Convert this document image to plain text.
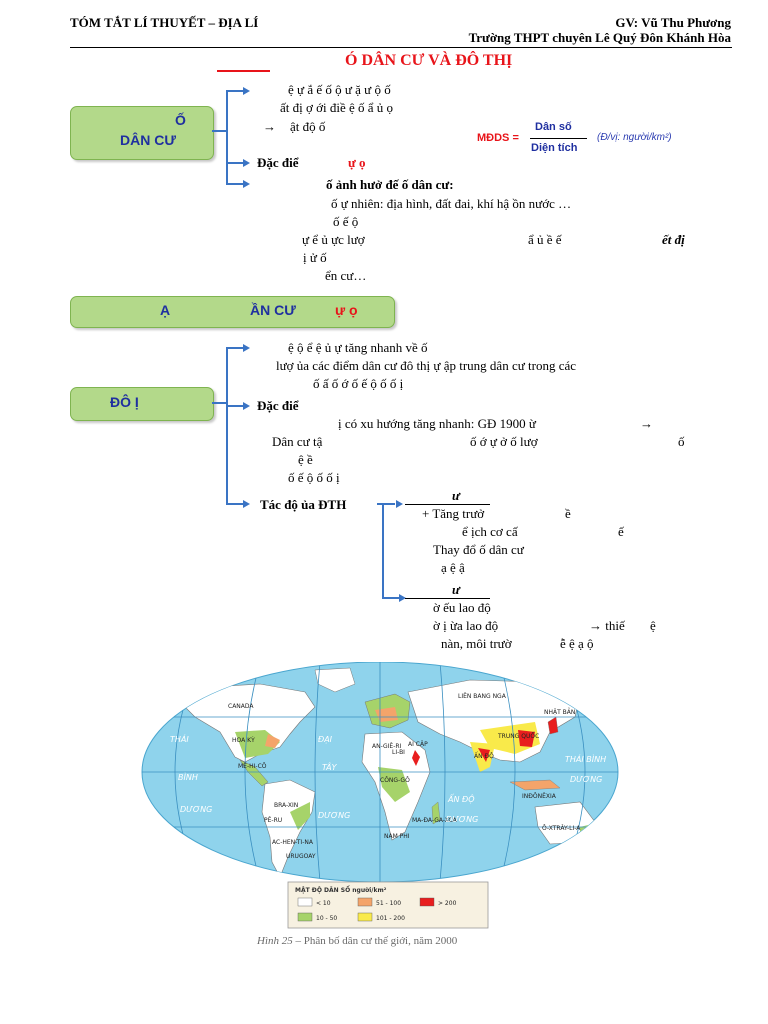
TÓM TẮT LÍ THUYẾT – ĐỊA LÍ	GV: Vũ Thu Phương
Trường THPT chuyên Lê Quý Đôn Khánh Hòa
Ó DÂN CƯ VÀ ĐÔ THỊ
Ố
DÂN CƯ
ệ ự ắ ế ố ộ ư ặ ư ộ ố
ất đị ợ ới điề ệ ố ẩ ủ ọ
→ ật độ ố
MĐDS =
Dân số
Diện tích
(Đ/vị: người/km²)
Đặc điể	ự ọ
ố ảnh hưở đế ố dân cư:
ố ự nhiên: địa hình, đất đai, khí hậ ồn nước …
ố ế ộ
ự ể ủ ực lượ	ẩ ủ ề ế	ết đị
ị ử ố
ển cư…
Ạ	ẦN CƯ	ự ọ
ĐÔ Ị
ệ ộ ể ệ ủ ự tăng nhanh về ố
lượ ủa các điểm dân cư đô thị ự ập trung dân cư trong các
ố ấ ố ớ ố ế ộ ố ố ị
Đặc điể
ị có xu hướng tăng nhanh: GĐ 1900 ừ	→
Dân cư tậ	ố ớ ự ở ố lượ	ố
ệ ề
ố ế ộ ố ố ị
Tác độ ủa ĐTH
ư
+ Tăng trưở	ề
ể ịch cơ cấ	ế
Thay đổ ố dân cư
ạ ệ ậ
ư
ờ ếu lao độ
ờ ị ừa lao độ	→ thiế ệ
nàn, môi trườ	ễ ệ ạ ộ
CANADA
HOA KỲ
MÊ-HI-CÔ
BRA-XIN
AC-HEN-TI-NA
LIÊN BANG NGA
TRUNG QUỐC
ẤN ĐỘ
INĐÔNÊXIA
Ô-XTRÂY-LI-A
AN-GIÊ-RI
NAM PHI
MA-ĐA-GA-XCA
CÔNG-GÔ
NHẬT BẢN
URUGOAY
PÊ-RU
LI-BI
AI CẬP
THÁI
BÌNH
DƯƠNG
ĐẠI
TÂY
DƯƠNG
ẤN ĐỘ
DƯƠNG
THÁI BÌNH
DƯƠNG
MẬT ĐỘ DÂN SỐ người/km²
< 10	51 - 100	> 200
10 - 50	101 - 200
Hình 25 – Phân bố dân cư thế giới, năm 2000
